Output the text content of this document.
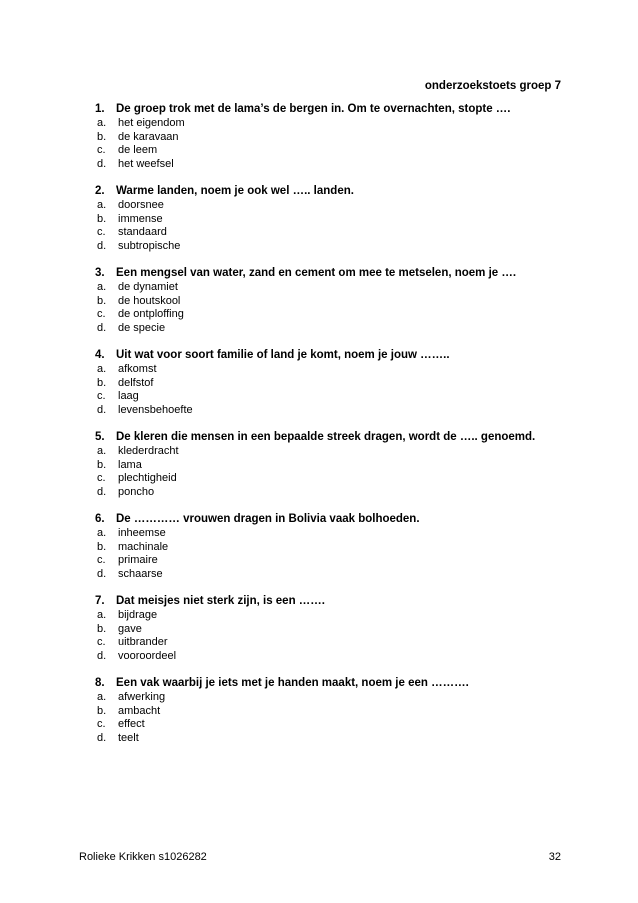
onderzoekstoets groep 7
1. De groep trok met de lama’s de bergen in. Om te overnachten, stopte ….
a. het eigendom
b. de karavaan
c. de leem
d. het weefsel
2. Warme landen, noem je ook wel ….. landen.
a. doorsnee
b. immense
c. standaard
d. subtropische
3. Een mengsel van water, zand en cement om mee te metselen, noem je ….
a. de dynamiet
b. de houtskool
c. de ontploffing
d. de specie
4. Uit wat voor soort familie of land je komt, noem je jouw ……..
a. afkomst
b. delfstof
c. laag
d. levensbehoefte
5. De kleren die mensen in een bepaalde streek dragen, wordt de ….. genoemd.
a. klederdracht
b. lama
c. plechtigheid
d. poncho
6. De ………… vrouwen dragen in Bolivia vaak bolhoeden.
a. inheemse
b. machinale
c. primaire
d. schaarse
7. Dat meisjes niet sterk zijn, is een …….
a. bijdrage
b. gave
c. uitbrander
d. vooroordeel
8. Een vak waarbij je iets met je handen maakt, noem je een ……….
a. afwerking
b. ambacht
c. effect
d. teelt
Rolieke Krikken s1026282	32
